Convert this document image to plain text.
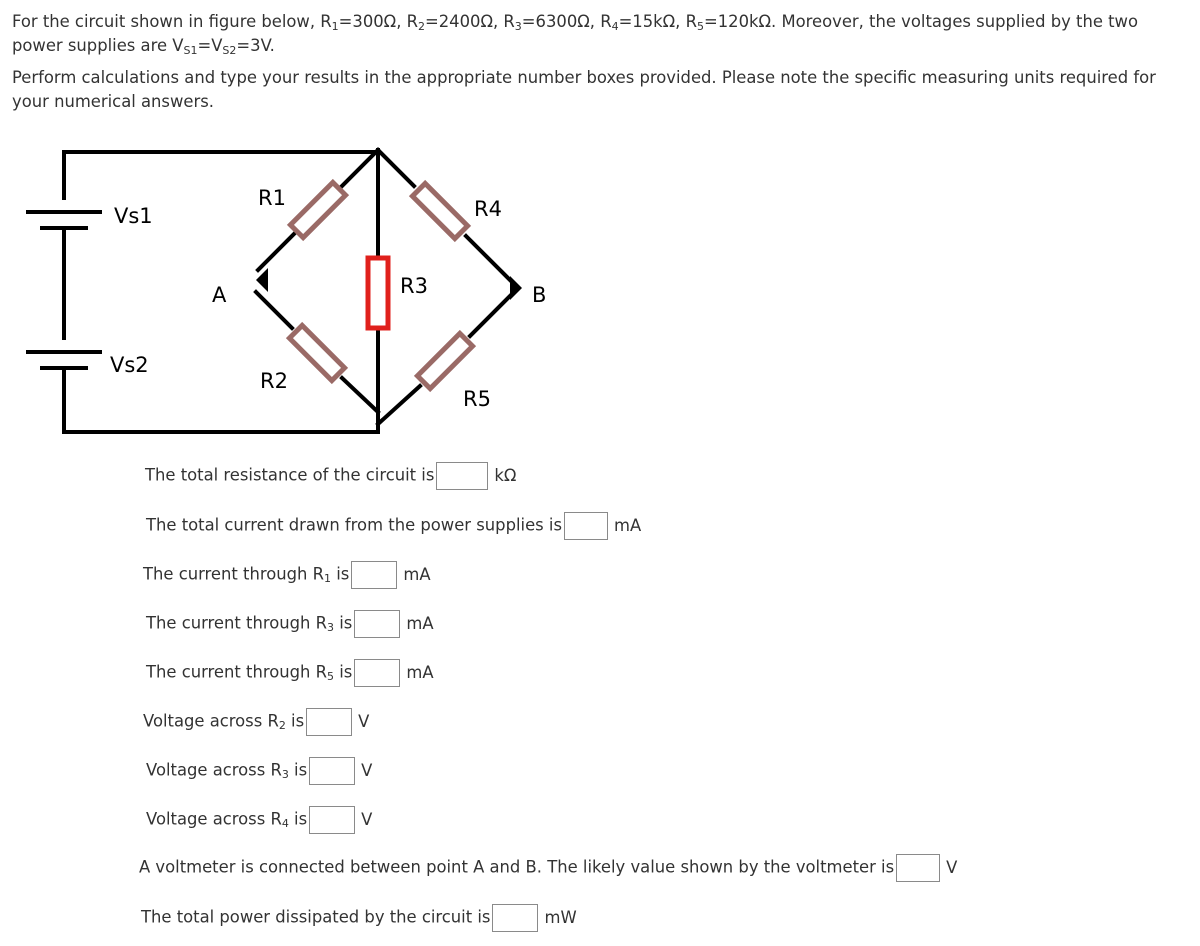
For the circuit shown in figure below, $R_1=300\Omega$, $R_2=2400\Omega$, $R_3=6300\Omega$, $R_4=15k\Omega$, $R_5=120k\Omega$. Moreover, the voltages supplied by the two power supplies are $V_{S1}=V_{S2}=3V$.
Perform calculations and type your results in the appropriate number boxes provided. Please note the specific measuring units required for your numerical answers.
Vs1
Vs2
R1
R2
R3
R4
R5
A	B
The total resistance of the circuit is	kΩ
The total current drawn from the power supplies is	mA
The current through $R_1$ is	mA
The current through $R_3$ is	mA
The current through $R_5$ is	mA
Voltage across $R_2$ is	V
Voltage across $R_3$ is	V
Voltage across $R_4$ is	V
A voltmeter is connected between point A and B. The likely value shown by the voltmeter is	V
The total power dissipated by the circuit is	mW
